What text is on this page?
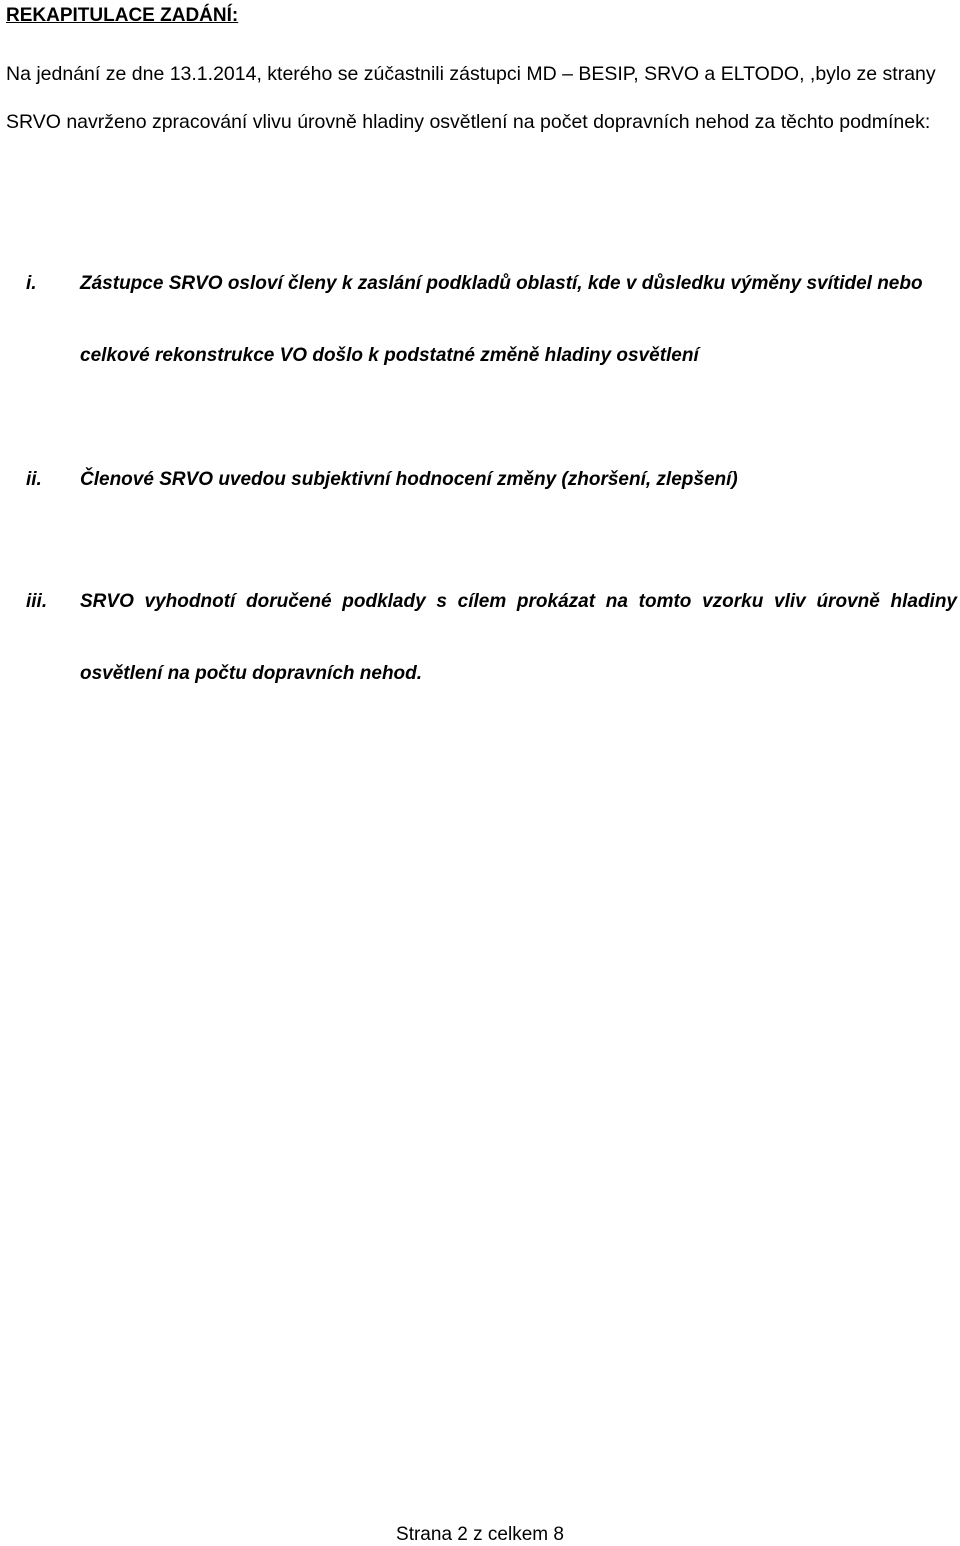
REKAPITULACE ZADÁNÍ:

Na jednání ze dne 13.1.2014, kterého se zúčastnili zástupci MD – BESIP, SRVO a ELTODO, ,bylo ze strany SRVO navrženo zpracování vlivu úrovně hladiny osvětlení na počet dopravních nehod za těchto podmínek:

i. Zástupce SRVO osloví členy k zaslání podkladů oblastí, kde v důsledku výměny svítidel nebo celkové rekonstrukce VO došlo k podstatné změně hladiny osvětlení
ii. Členové SRVO uvedou subjektivní hodnocení změny (zhoršení, zlepšení)
iii. SRVO vyhodnotí doručené podklady s cílem prokázat na tomto vzorku vliv úrovně hladiny osvětlení na počtu dopravních nehod.
Strana 2 z celkem 8
